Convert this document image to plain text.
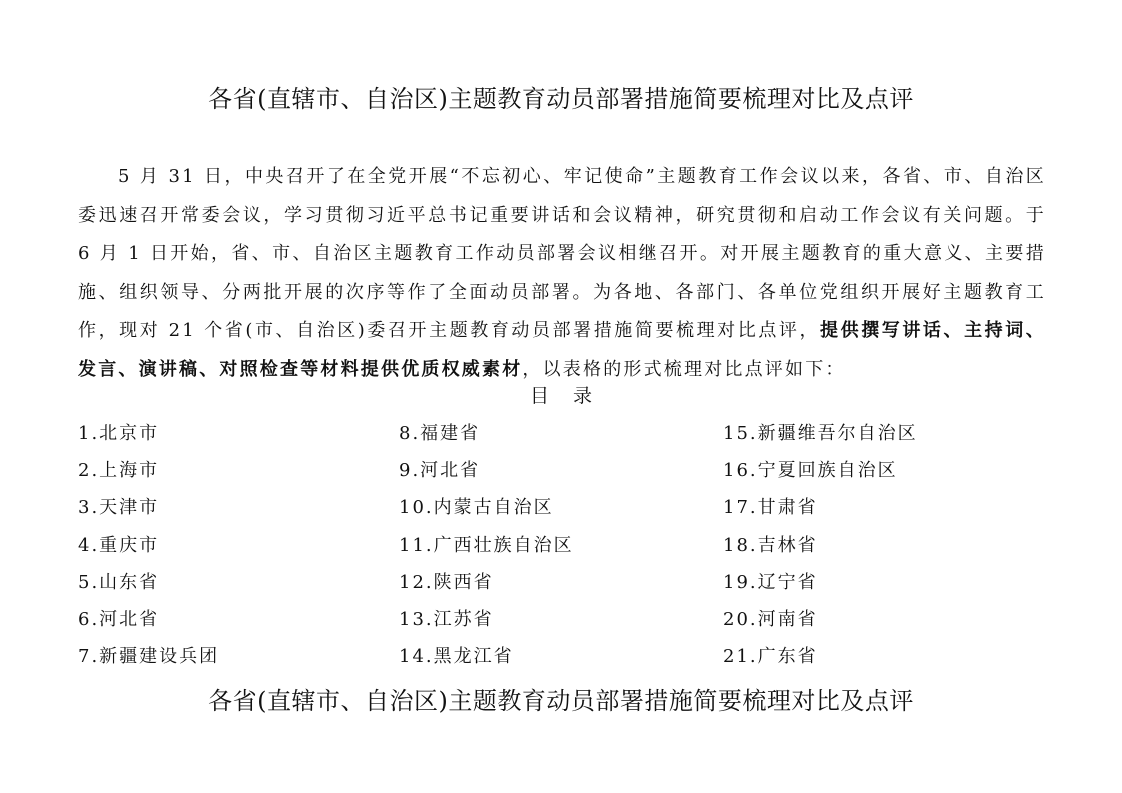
各省(直辖市、自治区)主题教育动员部署措施简要梳理对比及点评

5 月 31 日，中央召开了在全党开展“不忘初心、牢记使命”主题教育工作会议以来，各省、市、自治区委迅速召开常委会议，学习贯彻习近平总书记重要讲话和会议精神，研究贯彻和启动工作会议有关问题。于 6 月 1 日开始，省、市、自治区主题教育工作动员部署会议相继召开。对开展主题教育的重大意义、主要措施、组织领导、分两批开展的次序等作了全面动员部署。为各地、各部门、各单位党组织开展好主题教育工作，现对 21 个省(市、自治区)委召开主题教育动员部署措施简要梳理对比点评，提供撰写讲话、主持词、发言、演讲稿、对照检查等材料提供优质权威素材，以表格的形式梳理对比点评如下：

目录
1.北京市
2.上海市
3.天津市
4.重庆市
5.山东省
6.河北省
7.新疆建设兵团
8.福建省
9.河北省
10.内蒙古自治区
11.广西壮族自治区
12.陕西省
13.江苏省
14.黑龙江省
15.新疆维吾尔自治区
16.宁夏回族自治区
17.甘肃省
18.吉林省
19.辽宁省
20.河南省
21.广东省
各省(直辖市、自治区)主题教育动员部署措施简要梳理对比及点评
